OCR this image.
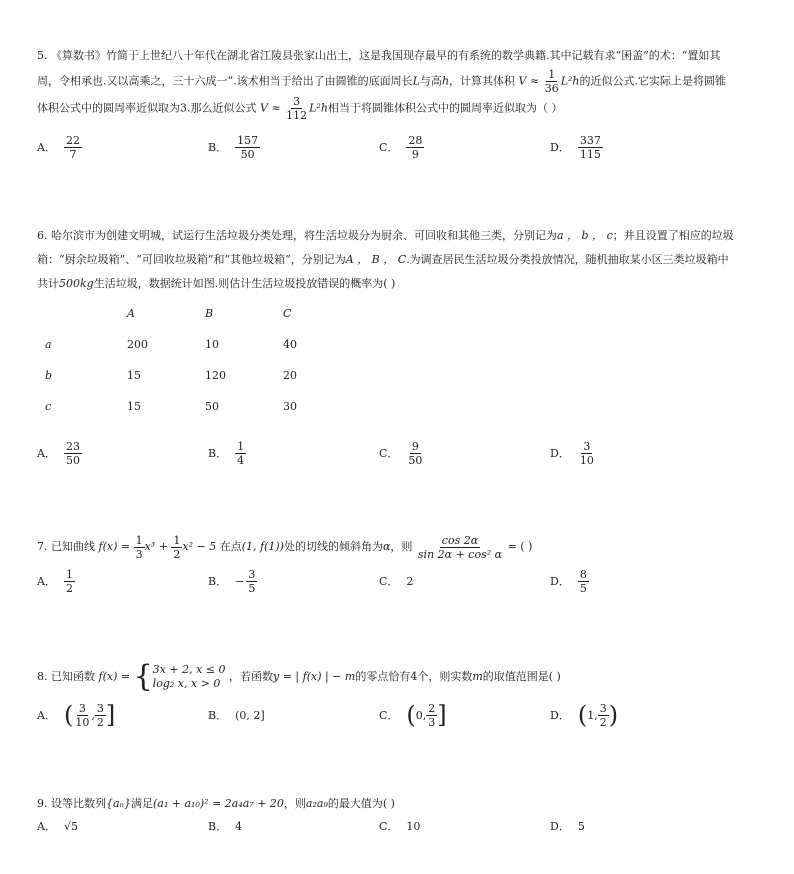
5. 《算数书》竹简于上世纪八十年代在湖北省江陵县张家山出土，这是我国现存最早的有系统的数学典籍.其中记载有求“囷盖”的术：“置如其
周，令相承也.又以高乘之，三十六成一”.该术相当于给出了由圆锥的底面周长L与高h，计算其体积 $V \approx \frac{1}{36} L^2h$的近似公式.它实际上是将圆锥
体积公式中的圆周率近似取为3.那么近似公式 $V \approx \frac{3}{112} L^2h$相当于将圆锥体积公式中的圆周率近似取为（ ）
A． $\frac{22}{7}$	B． $\frac{157}{50}$	C． $\frac{28}{9}$	D． $\frac{337}{115}$
6. 哈尔滨市为创建文明城，试运行生活垃圾分类处理，将生活垃圾分为厨余、可回收和其他三类，分别记为a ， b ， c；并且设置了相应的垃圾
箱：“厨余垃圾箱”、“可回收垃圾箱”和“其他垃圾箱”，分别记为A ， B ， C.为调查居民生活垃圾分类投放情况，随机抽取某小区三类垃圾箱中
共计500kg生活垃圾，数据统计如图.则估计生活垃圾投放错误的概率为( )
	A	B	C
a	200	10	40
b	15	120	20
c	15	50	30
A． $\frac{23}{50}$	B． $\frac{1}{4}$	C． $\frac{9}{50}$	D． $\frac{3}{10}$
7. 已知曲线 $f(x) = \frac{1}{3} x^3 + \frac{1}{2} x^2 - 5$ 在点(1, f(1))处的切线的倾斜角为α，则 $\frac{\cos 2\alpha}{\text{sin 2α + cos² α}}$ = ( )
A． $\frac{1}{2}$	B． − $\frac{3}{5}$	C． 2	D． $\frac{8}{5}$
8. 已知函数 f(x) = { 3x + 2, x ≤ 0
log₂ x, x > 0
，若函数y = | f(x) | − m的零点恰有4个，则实数m的取值范围是( )
A． ( $\frac{3}{10}$ , $\frac{3}{2}$ ]	B． (0, 2]	C． ( 0, $\frac{2}{3}$ ]	D． ( 1, $\frac{3}{2}$ )
9. 设等比数列{aₙ}满足(a₁ + a₁₀)² = 2a₄a₇ + 20，则a₂a₉的最大值为( )
A． √5	B． 4	C． 10	D． 5
